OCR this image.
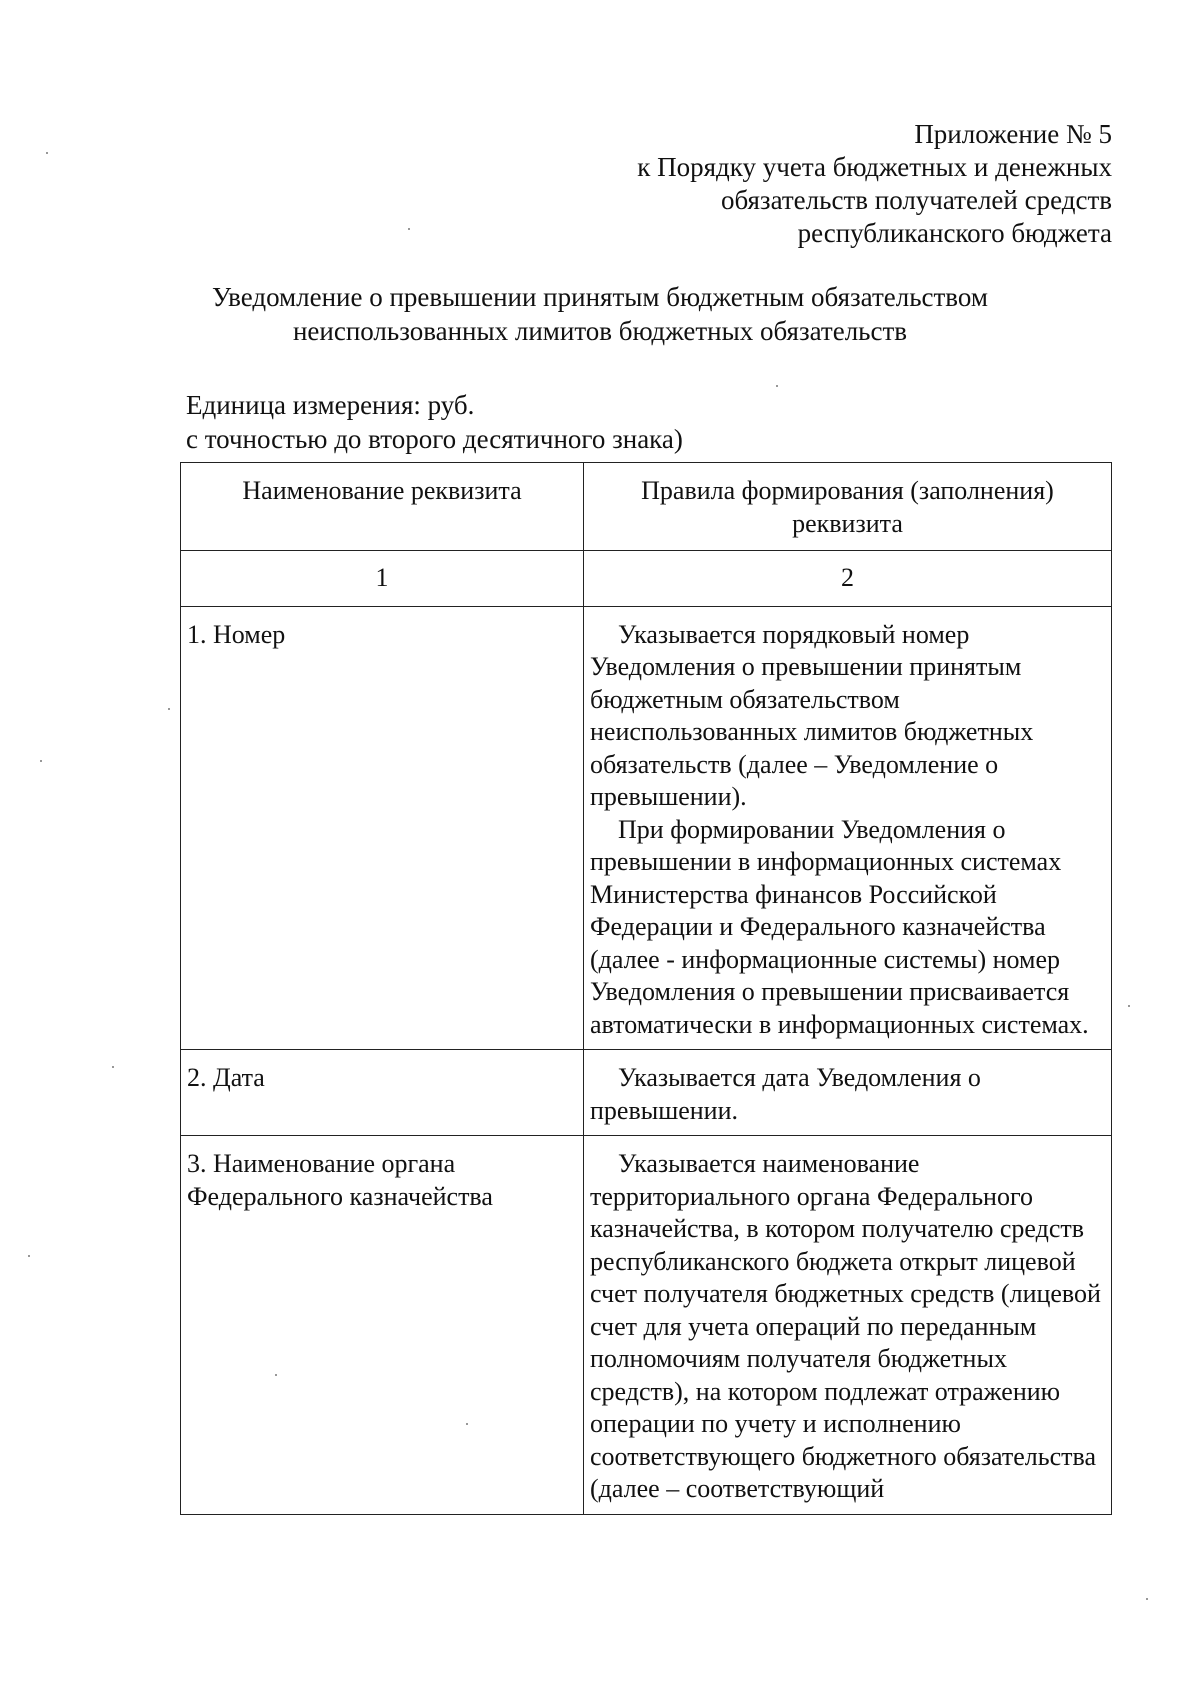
Приложение № 5
к Порядку учета бюджетных и денежных
обязательств получателей средств
республиканского бюджета
Уведомление о превышении принятым бюджетным обязательством
неиспользованных лимитов бюджетных обязательств
Единица измерения: руб.
с точностью до второго десятичного знака)
Наименование реквизита	Правила формирования (заполнения) реквизита
1	2
1. Номер	Указывается порядковый номер Уведомления о превышении принятым бюджетным обязательством неиспользованных лимитов бюджетных обязательств (далее – Уведомление о превышении).

При формировании Уведомления о превышении в информационных системах Министерства финансов Российской Федерации и Федерального казначейства (далее - информационные системы) номер Уведомления о превышении присваивается автоматически в информационных системах.

2. Дата	Указывается дата Уведомления о превышении.

3. Наименование органа Федерального казначейства	Указывается наименование территориального органа Федерального казначейства, в котором получателю средств республиканского бюджета открыт лицевой счет получателя бюджетных средств (лицевой счет для учета операций по переданным полномочиям получателя бюджетных средств), на котором подлежат отражению операции по учету и исполнению соответствующего бюджетного обязательства (далее – соответствующий
